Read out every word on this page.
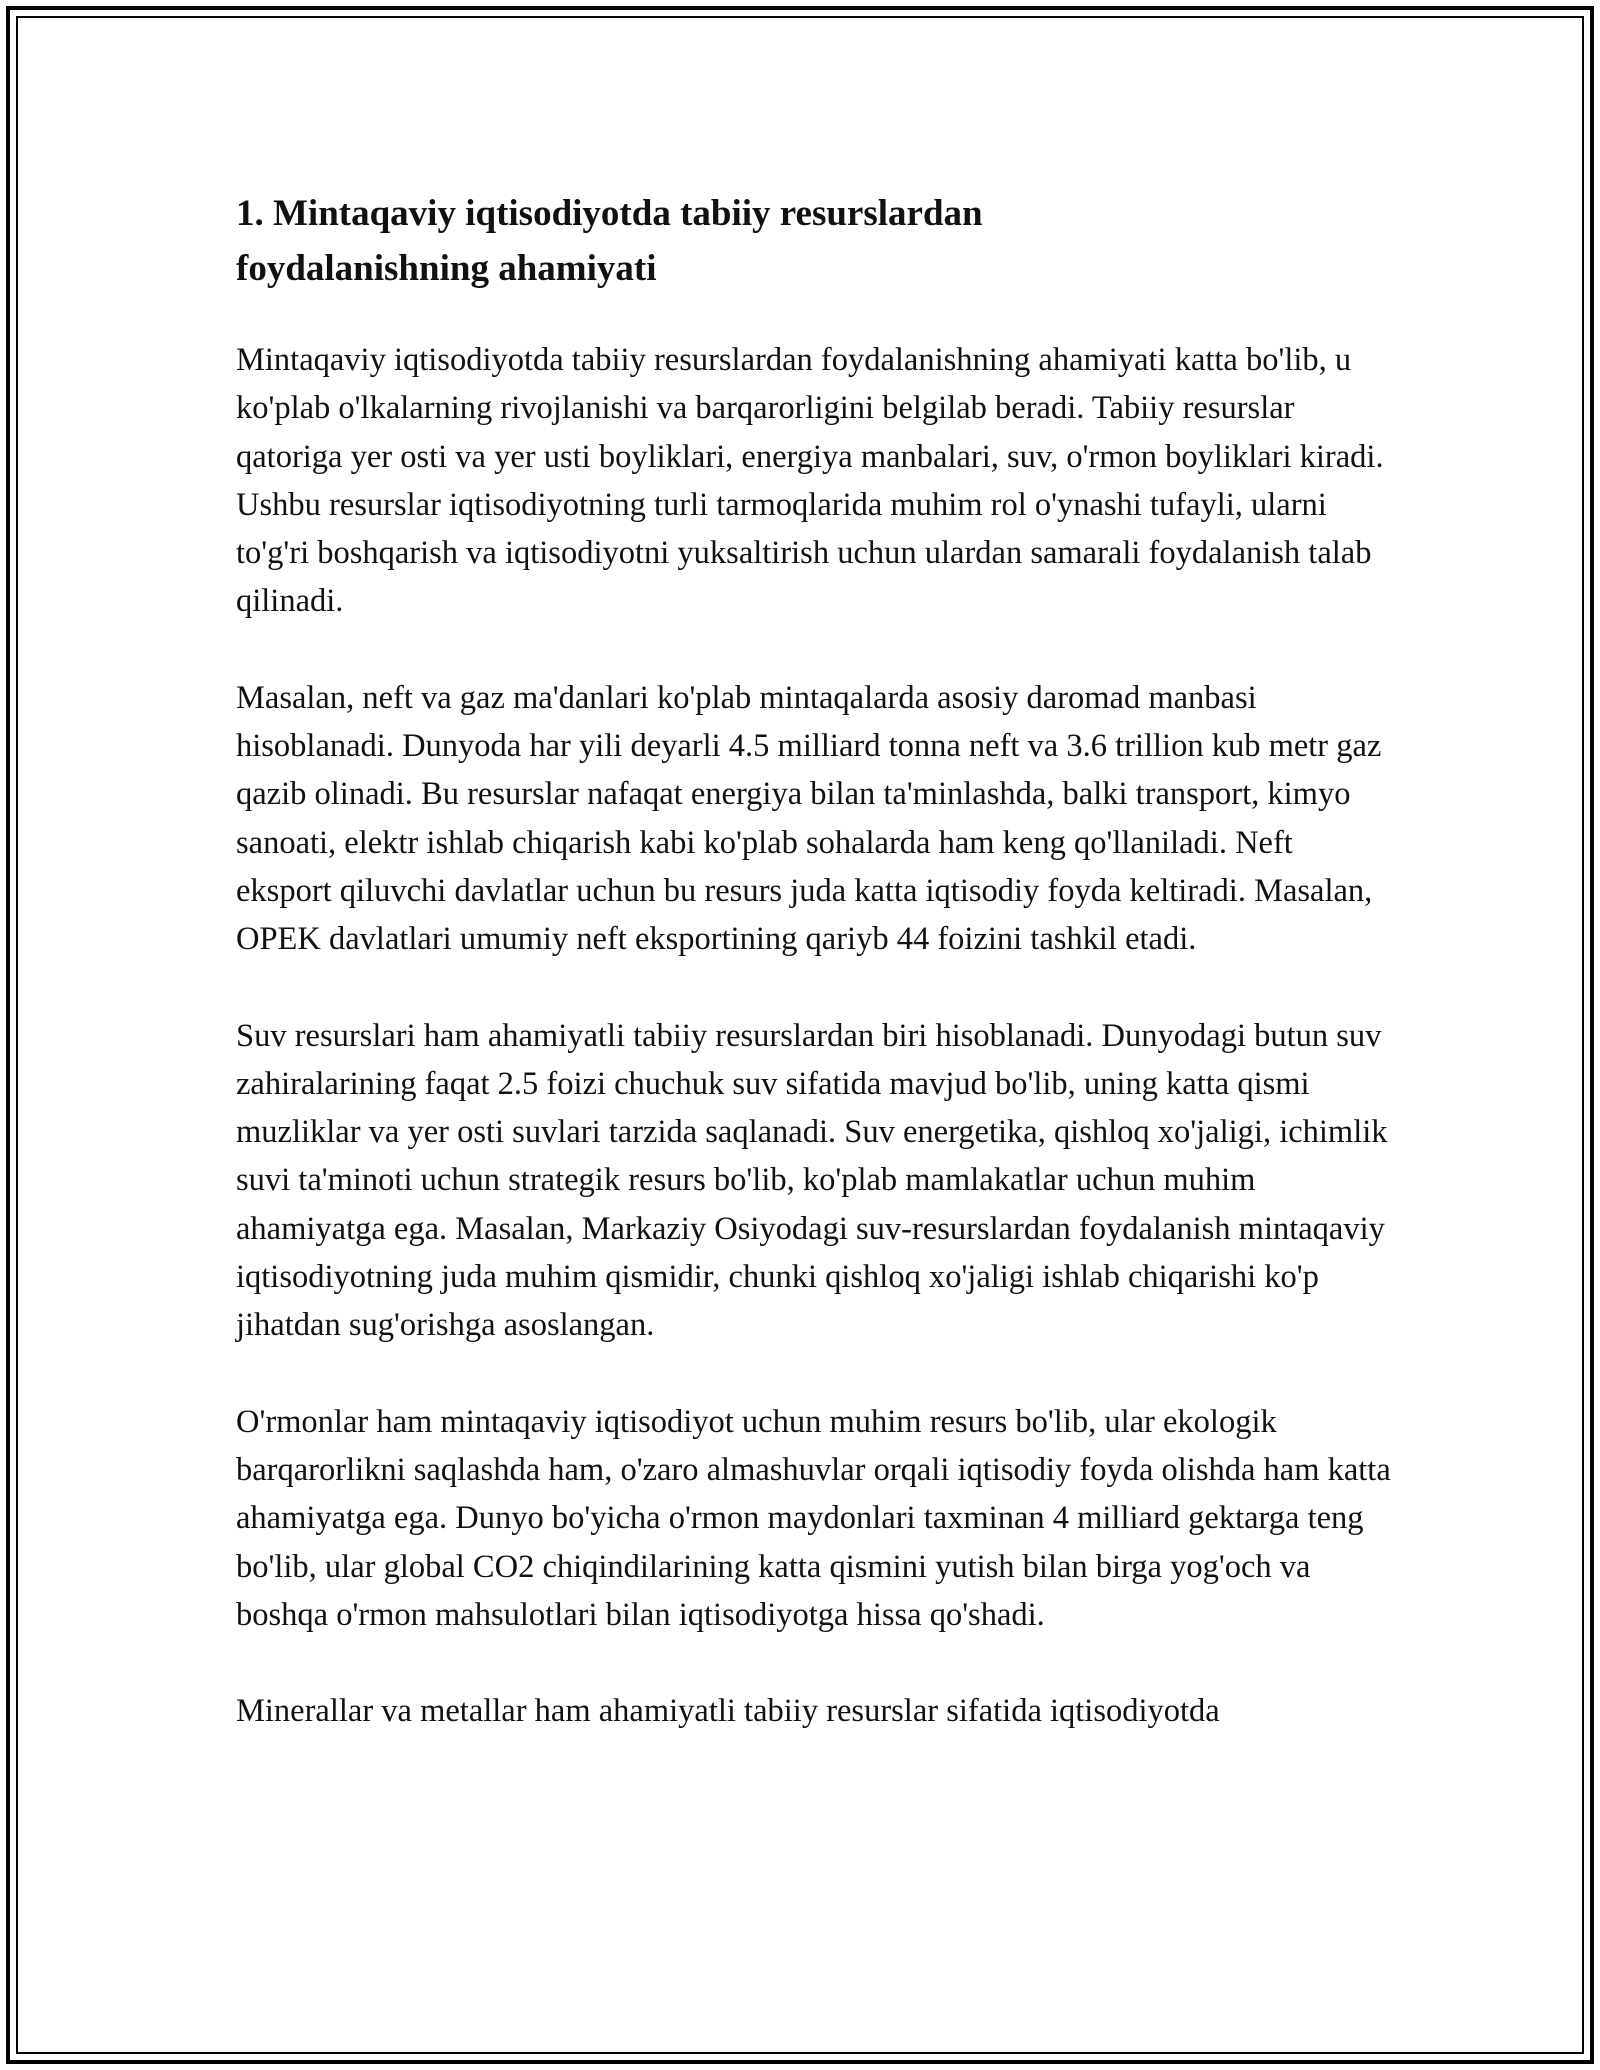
1. Mintaqaviy iqtisodiyotda tabiiy resurslardan
foydalanishning ahamiyati

Mintaqaviy iqtisodiyotda tabiiy resurslardan foydalanishning ahamiyati katta bo'lib, u ko'plab o'lkalarning rivojlanishi va barqarorligini belgilab beradi. Tabiiy resurslar qatoriga yer osti va yer usti boyliklari, energiya manbalari, suv, o'rmon boyliklari kiradi. Ushbu resurslar iqtisodiyotning turli tarmoqlarida muhim rol o'ynashi tufayli, ularni to'g'ri boshqarish va iqtisodiyotni yuksaltirish uchun ulardan samarali foydalanish talab qilinadi.

Masalan, neft va gaz ma'danlari ko'plab mintaqalarda asosiy daromad manbasi hisoblanadi. Dunyoda har yili deyarli 4.5 milliard tonna neft va 3.6 trillion kub metr gaz qazib olinadi. Bu resurslar nafaqat energiya bilan ta'minlashda, balki transport, kimyo sanoati, elektr ishlab chiqarish kabi ko'plab sohalarda ham keng qo'llaniladi. Neft eksport qiluvchi davlatlar uchun bu resurs juda katta iqtisodiy foyda keltiradi. Masalan, OPEK davlatlari umumiy neft eksportining qariyb 44 foizini tashkil etadi.

Suv resurslari ham ahamiyatli tabiiy resurslardan biri hisoblanadi. Dunyodagi butun suv zahiralarining faqat 2.5 foizi chuchuk suv sifatida mavjud bo'lib, uning katta qismi muzliklar va yer osti suvlari tarzida saqlanadi. Suv energetika, qishloq xo'jaligi, ichimlik suvi ta'minoti uchun strategik resurs bo'lib, ko'plab mamlakatlar uchun muhim ahamiyatga ega. Masalan, Markaziy Osiyodagi suv-resurslardan foydalanish mintaqaviy iqtisodiyotning juda muhim qismidir, chunki qishloq xo'jaligi ishlab chiqarishi ko'p jihatdan sug'orishga asoslangan.

O'rmonlar ham mintaqaviy iqtisodiyot uchun muhim resurs bo'lib, ular ekologik barqarorlikni saqlashda ham, o'zaro almashuvlar orqali iqtisodiy foyda olishda ham katta ahamiyatga ega. Dunyo bo'yicha o'rmon maydonlari taxminan 4 milliard gektarga teng bo'lib, ular global CO2 chiqindilarining katta qismini yutish bilan birga yog'och va boshqa o'rmon mahsulotlari bilan iqtisodiyotga hissa qo'shadi.

Minerallar va metallar ham ahamiyatli tabiiy resurslar sifatida iqtisodiyotda
